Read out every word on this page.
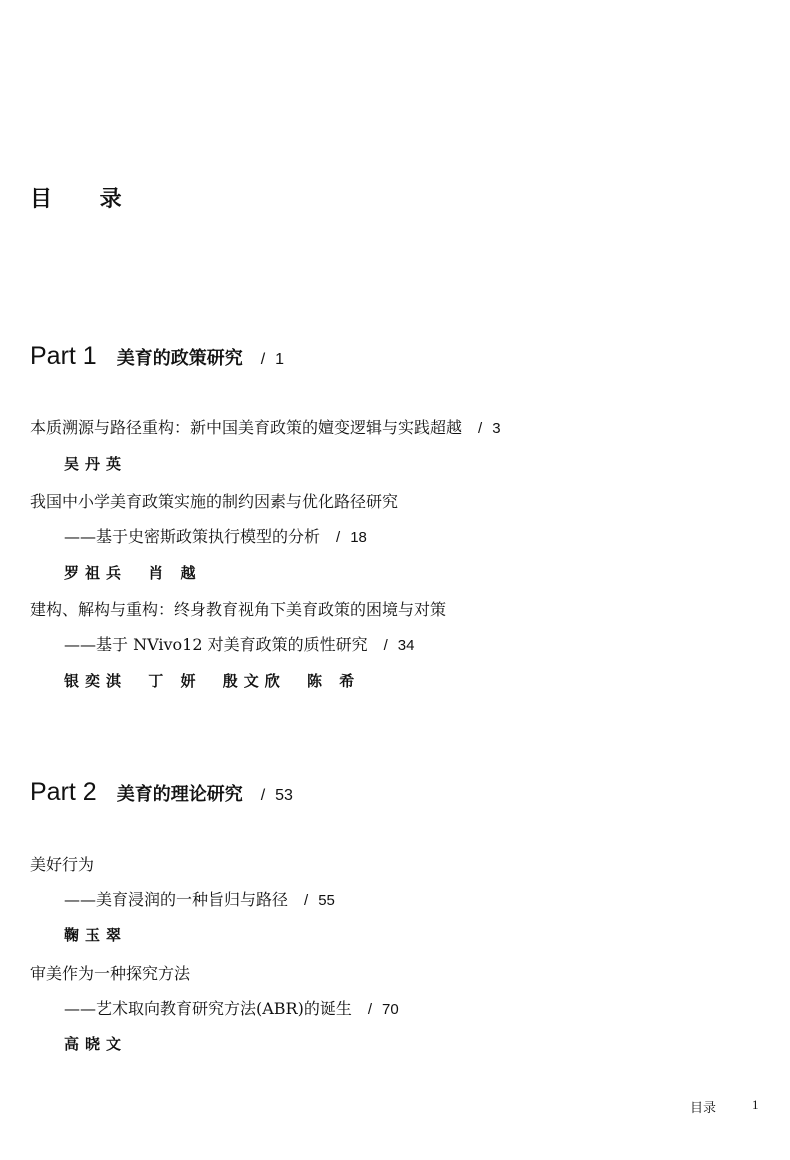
目 录
Part 1 美育的政策研究 / 1
本质溯源与路径重构：新中国美育政策的嬗变逻辑与实践超越 / 3
吴丹英
我国中小学美育政策实施的制约因素与优化路径研究
——基于史密斯政策执行模型的分析 / 18
罗祖兵 肖 越
建构、解构与重构：终身教育视角下美育政策的困境与对策
——基于 NVivo12 对美育政策的质性研究 / 34
银奕淇 丁 妍 殷文欣 陈 希
Part 2 美育的理论研究 / 53
美好行为
——美育浸润的一种旨归与路径 / 55
鞠玉翠
审美作为一种探究方法
——艺术取向教育研究方法(ABR)的诞生 / 70
高晓文
目录	1
